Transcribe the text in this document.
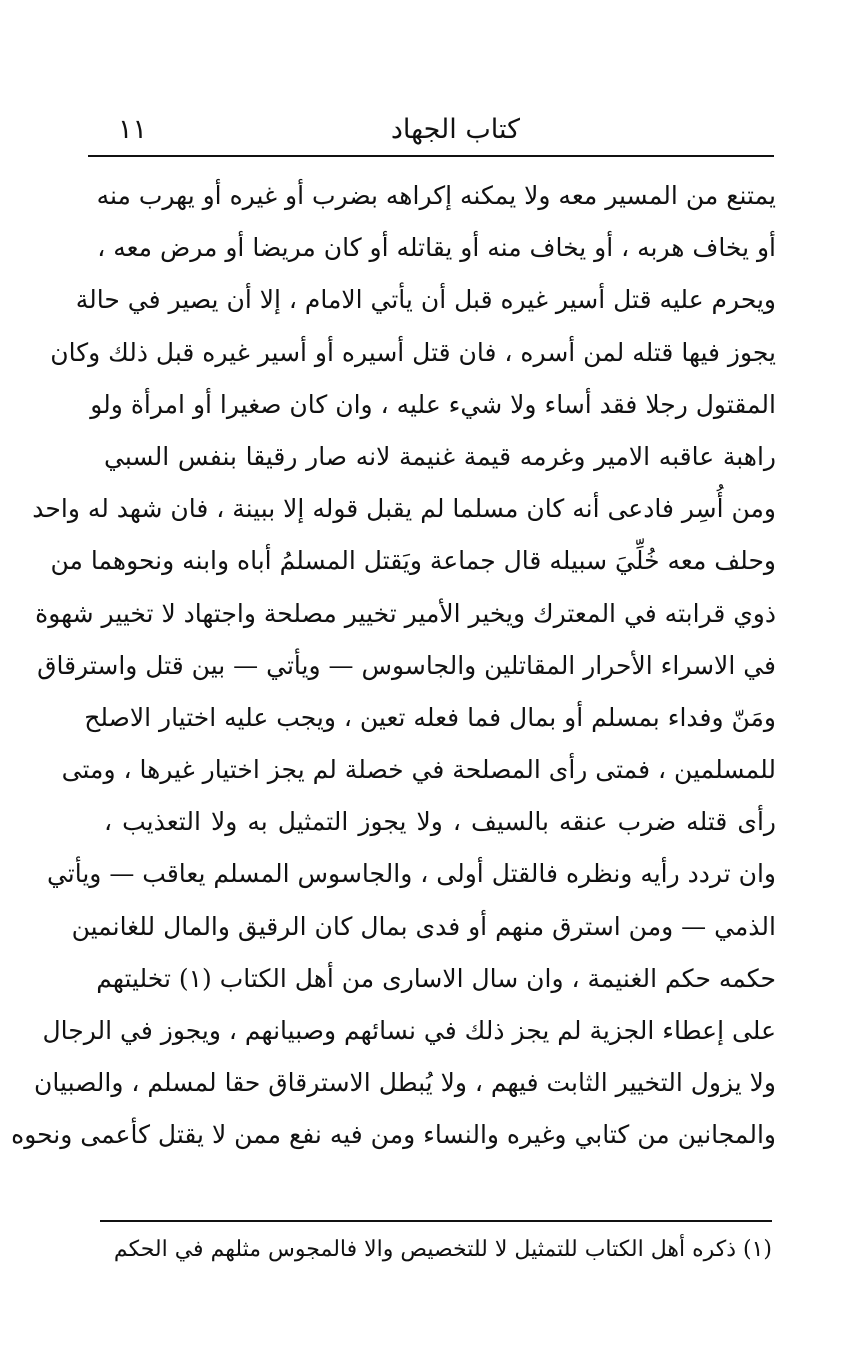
كتاب الجهاد
١١
يمتنع من المسير معه ولا يمكنه إكراهه بضرب أو غيره أو يهرب منه
أو يخاف هربه ، أو يخاف منه أو يقاتله أو كان مريضا أو مرض معه ،
ويحرم عليه قتل أسير غيره قبل أن يأتي الامام ، إلا أن يصير في حالة
يجوز فيها قتله لمن أسره ، فان قتل أسيره أو أسير غيره قبل ذلك وكان
المقتول رجلا فقد أساء ولا شيء عليه ، وان كان صغيرا أو امرأة ولو
راهبة عاقبه الامير وغرمه قيمة غنيمة لانه صار رقيقا بنفس السبي
ومن أُسِر فادعى أنه كان مسلما لم يقبل قوله إلا ببينة ، فان شهد له واحد
وحلف معه خُلِّيَ سبيله قال جماعة ويَقتل المسلمُ أباه وابنه ونحوهما من
ذوي قرابته في المعترك ويخير الأمير تخيير مصلحة واجتهاد لا تخيير شهوة
في الاسراء الأحرار المقاتلين والجاسوس — ويأتي — بين قتل واسترقاق
ومَنّ وفداء بمسلم أو بمال فما فعله تعين ، ويجب عليه اختيار الاصلح
للمسلمين ، فمتى رأى المصلحة في خصلة لم يجز اختيار غيرها ، ومتى
رأى قتله ضرب عنقه بالسيف ، ولا يجوز التمثيل به ولا التعذيب ،
وان تردد رأيه ونظره فالقتل أولى ، والجاسوس المسلم يعاقب — ويأتي
الذمي — ومن استرق منهم أو فدى بمال كان الرقيق والمال للغانمين
حكمه حكم الغنيمة ، وان سال الاسارى من أهل الكتاب (١) تخليتهم
على إعطاء الجزية لم يجز ذلك في نسائهم وصبيانهم ، ويجوز في الرجال
ولا يزول التخيير الثابت فيهم ، ولا يُبطل الاسترقاق حقا لمسلم ، والصبيان
والمجانين من كتابي وغيره والنساء ومن فيه نفع ممن لا يقتل كأعمى ونحوه
(١) ذكره أهل الكتاب للتمثيل لا للتخصيص والا فالمجوس مثلهم في الحكم
